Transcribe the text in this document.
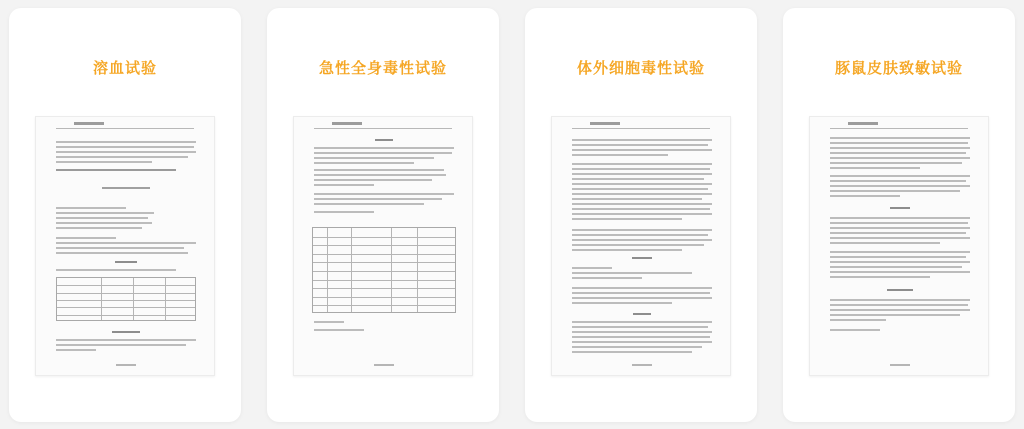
溶血试验	急性全身毒性试验	体外细胞毒性试验	豚鼠皮肤致敏试验
